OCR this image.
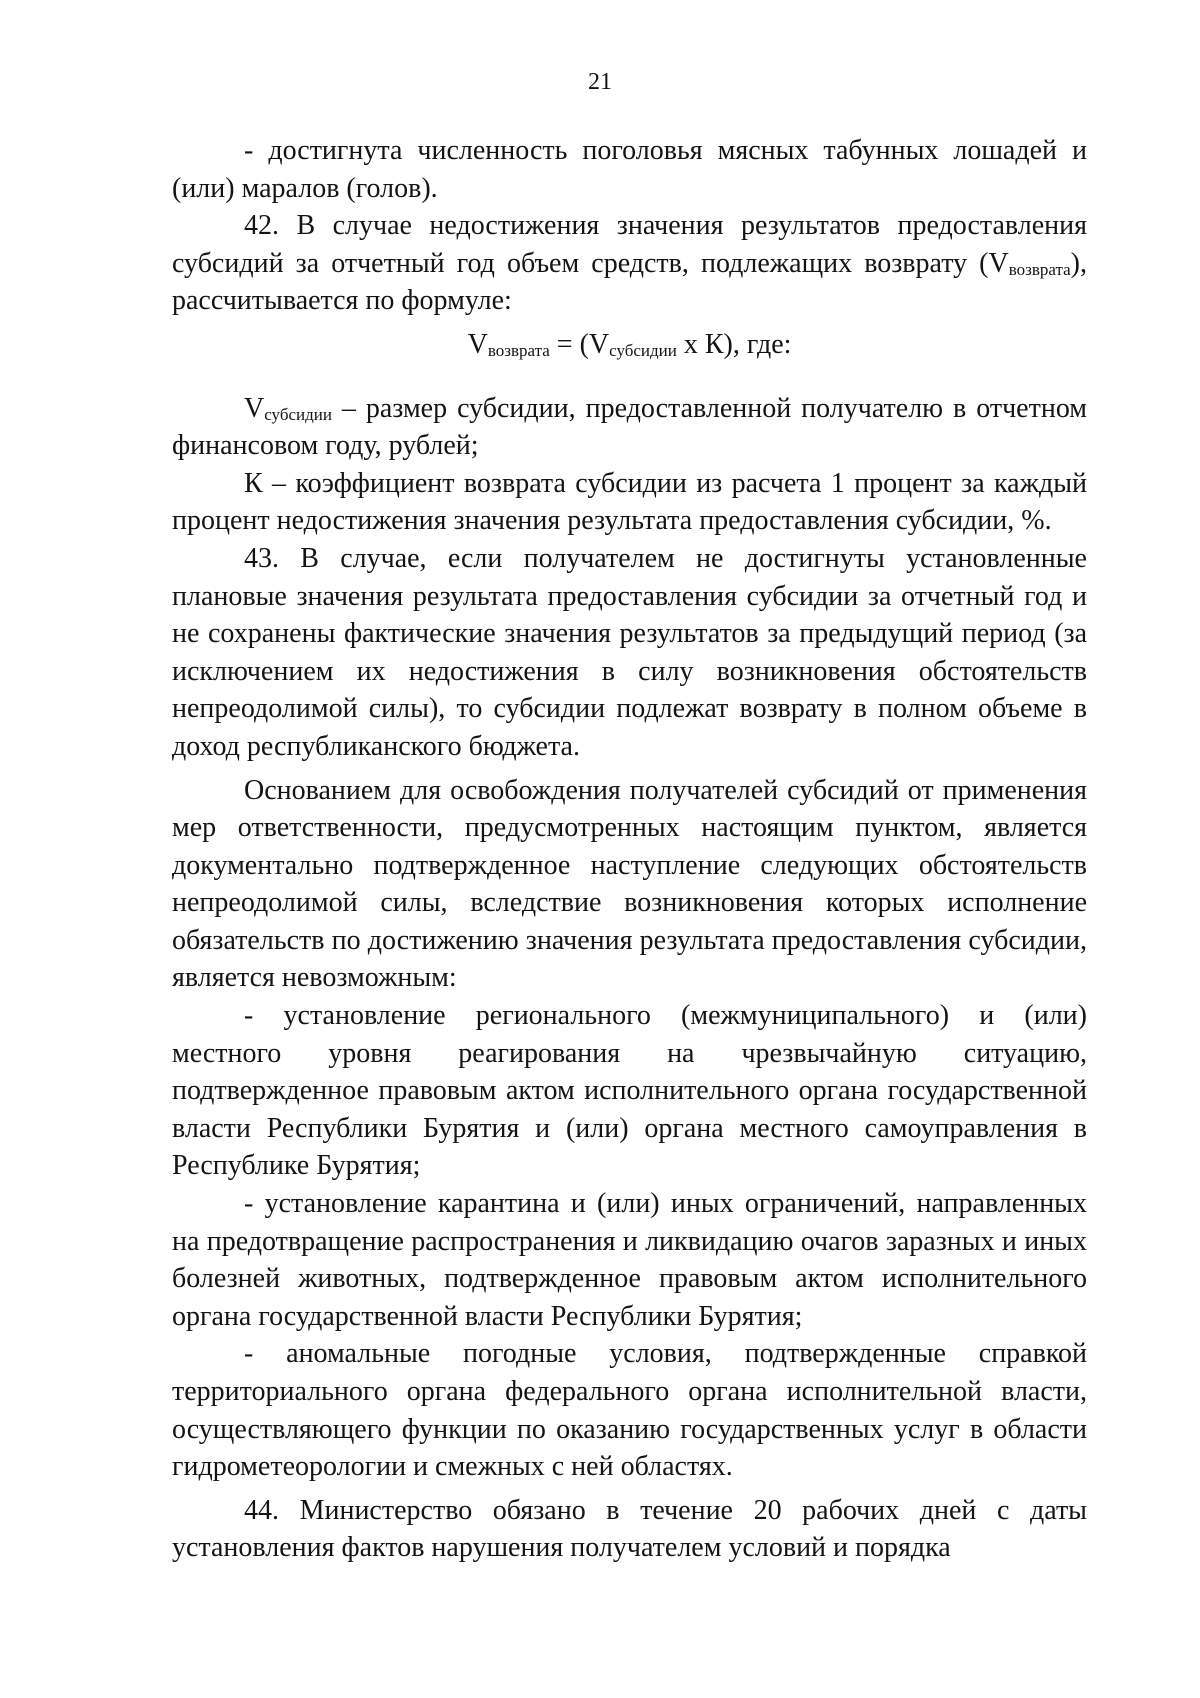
21

- достигнута численность поголовья мясных табунных лошадей и (или) маралов (голов).

42. В случае недостижения значения результатов предоставления субсидий за отчетный год объем средств, подлежащих возврату $(V_{возврата})$, рассчитывается по формуле:

$V_{возврата} = (V_{субсидии}$ x К), где:

$V_{субсидии}$ – размер субсидии, предоставленной получателю в отчетном финансовом году, рублей;

К – коэффициент возврата субсидии из расчета 1 процент за каждый процент недостижения значения результата предоставления субсидии, %.

43. В случае, если получателем не достигнуты установленные плановые значения результата предоставления субсидии за отчетный год и не сохранены фактические значения результатов за предыдущий период (за исключением их недостижения в силу возникновения обстоятельств непреодолимой силы), то субсидии подлежат возврату в полном объеме в доход республиканского бюджета.

Основанием для освобождения получателей субсидий от применения мер ответственности, предусмотренных настоящим пунктом, является документально подтвержденное наступление следующих обстоятельств непреодолимой силы, вследствие возникновения которых исполнение обязательств по достижению значения результата предоставления субсидии, является невозможным:

- установление регионального (межмуниципального) и (или) местного уровня реагирования на чрезвычайную ситуацию, подтвержденное правовым актом исполнительного органа государственной власти Республики Бурятия и (или) органа местного самоуправления в Республике Бурятия;

- установление карантина и (или) иных ограничений, направленных на предотвращение распространения и ликвидацию очагов заразных и иных болезней животных, подтвержденное правовым актом исполнительного органа государственной власти Республики Бурятия;

- аномальные погодные условия, подтвержденные справкой территориального органа федерального органа исполнительной власти, осуществляющего функции по оказанию государственных услуг в области гидрометеорологии и смежных с ней областях.

44. Министерство обязано в течение 20 рабочих дней с даты установления фактов нарушения получателем условий и порядка
